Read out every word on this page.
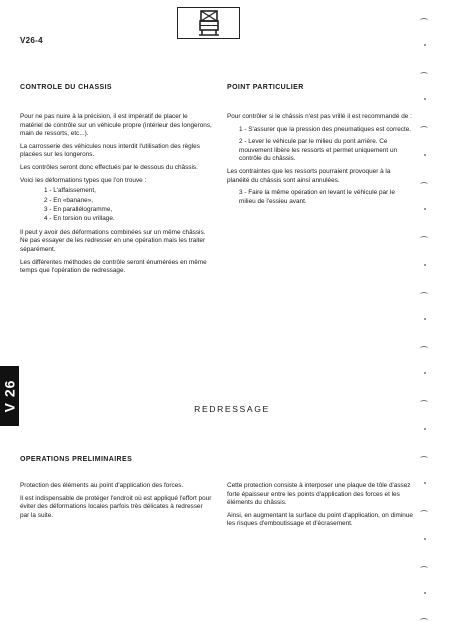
V26-4
CONTROLE DU CHASSIS

Pour ne pas nuire à la précision, il est impératif de placer le matériel de contrôle sur un véhicule propre (intérieur des longerons, main de ressorts, etc...).

La carrosserie des véhicules nous interdit l'utilisation des règles placées sur les longerons.

Les contrôles seront donc effectués par le dessous du châssis.

Voici les déformations types que l'on trouve :

1 - L'affaissement,
2 - En «banane»,
3 - En parallélogramme,
4 - En torsion ou vrillage.

Il peut y avoir des déformations combinées sur un même châssis. Ne pas essayer de les redresser en une opération mais les traiter séparément.

Les différentes méthodes de contrôle seront énumérées en même temps que l'opération de redressage.

POINT PARTICULIER

Pour contrôler si le châssis n'est pas vrillé il est recommandé de :

1 - S'assurer que la pression des pneumatiques est correcte.

2 - Lever le véhicule par le milieu du pont arrière. Ce mouvement libère les ressorts et permet uniquement un contrôle du châssis.

Les contraintes que les ressorts pourraient provoquer à la planéité du châssis sont ainsi annulées.

3 - Faire la même opération en levant le véhicule par le milieu de l'essieu avant.

V 26	REDRESSAGE
OPERATIONS PRELIMINAIRES

Protection des éléments au point d'application des forces.

Il est indispensable de protéger l'endroit où est appliqué l'effort pour éviter des déformations locales parfois très délicates à redresser par la suite.

Cette protection consiste à interposer une plaque de tôle d'assez forte épaisseur entre les points d'application des forces et les éléments du châssis.

Ainsi, en augmentant la surface du point d'application, on diminue les risques d'emboutissage et d'écrasement.
